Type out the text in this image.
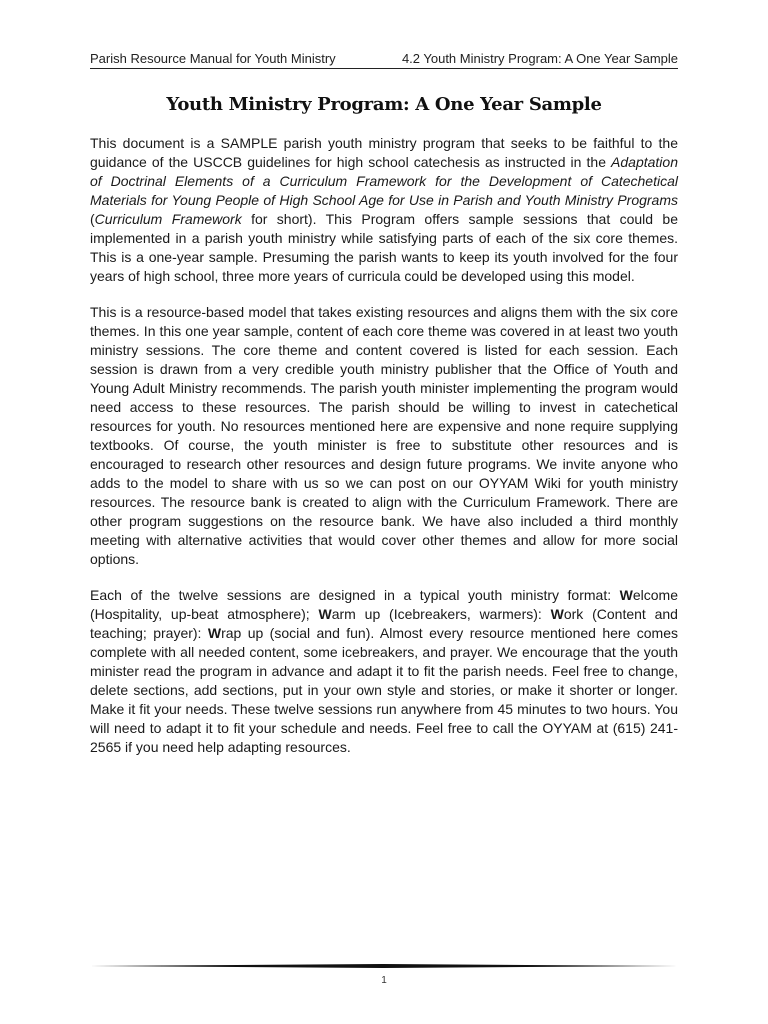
Parish Resource Manual for Youth Ministry	4.2 Youth Ministry Program: A One Year Sample
Youth Ministry Program: A One Year Sample

This document is a SAMPLE parish youth ministry program that seeks to be faithful to the guidance of the USCCB guidelines for high school catechesis as instructed in the Adaptation of Doctrinal Elements of a Curriculum Framework for the Development of Catechetical Materials for Young People of High School Age for Use in Parish and Youth Ministry Programs (Curriculum Framework for short). This Program offers sample sessions that could be implemented in a parish youth ministry while satisfying parts of each of the six core themes. This is a one-year sample. Presuming the parish wants to keep its youth involved for the four years of high school, three more years of curricula could be developed using this model.

This is a resource-based model that takes existing resources and aligns them with the six core themes. In this one year sample, content of each core theme was covered in at least two youth ministry sessions. The core theme and content covered is listed for each session. Each session is drawn from a very credible youth ministry publisher that the Office of Youth and Young Adult Ministry recommends. The parish youth minister implementing the program would need access to these resources. The parish should be willing to invest in catechetical resources for youth. No resources mentioned here are expensive and none require supplying textbooks. Of course, the youth minister is free to substitute other resources and is encouraged to research other resources and design future programs. We invite anyone who adds to the model to share with us so we can post on our OYYAM Wiki for youth ministry resources. The resource bank is created to align with the Curriculum Framework. There are other program suggestions on the resource bank. We have also included a third monthly meeting with alternative activities that would cover other themes and allow for more social options.

Each of the twelve sessions are designed in a typical youth ministry format: Welcome (Hospitality, up-beat atmosphere); Warm up (Icebreakers, warmers): Work (Content and teaching; prayer): Wrap up (social and fun). Almost every resource mentioned here comes complete with all needed content, some icebreakers, and prayer. We encourage that the youth minister read the program in advance and adapt it to fit the parish needs. Feel free to change, delete sections, add sections, put in your own style and stories, or make it shorter or longer. Make it fit your needs. These twelve sessions run anywhere from 45 minutes to two hours. You will need to adapt it to fit your schedule and needs. Feel free to call the OYYAM at (615) 241-2565 if you need help adapting resources.

1
